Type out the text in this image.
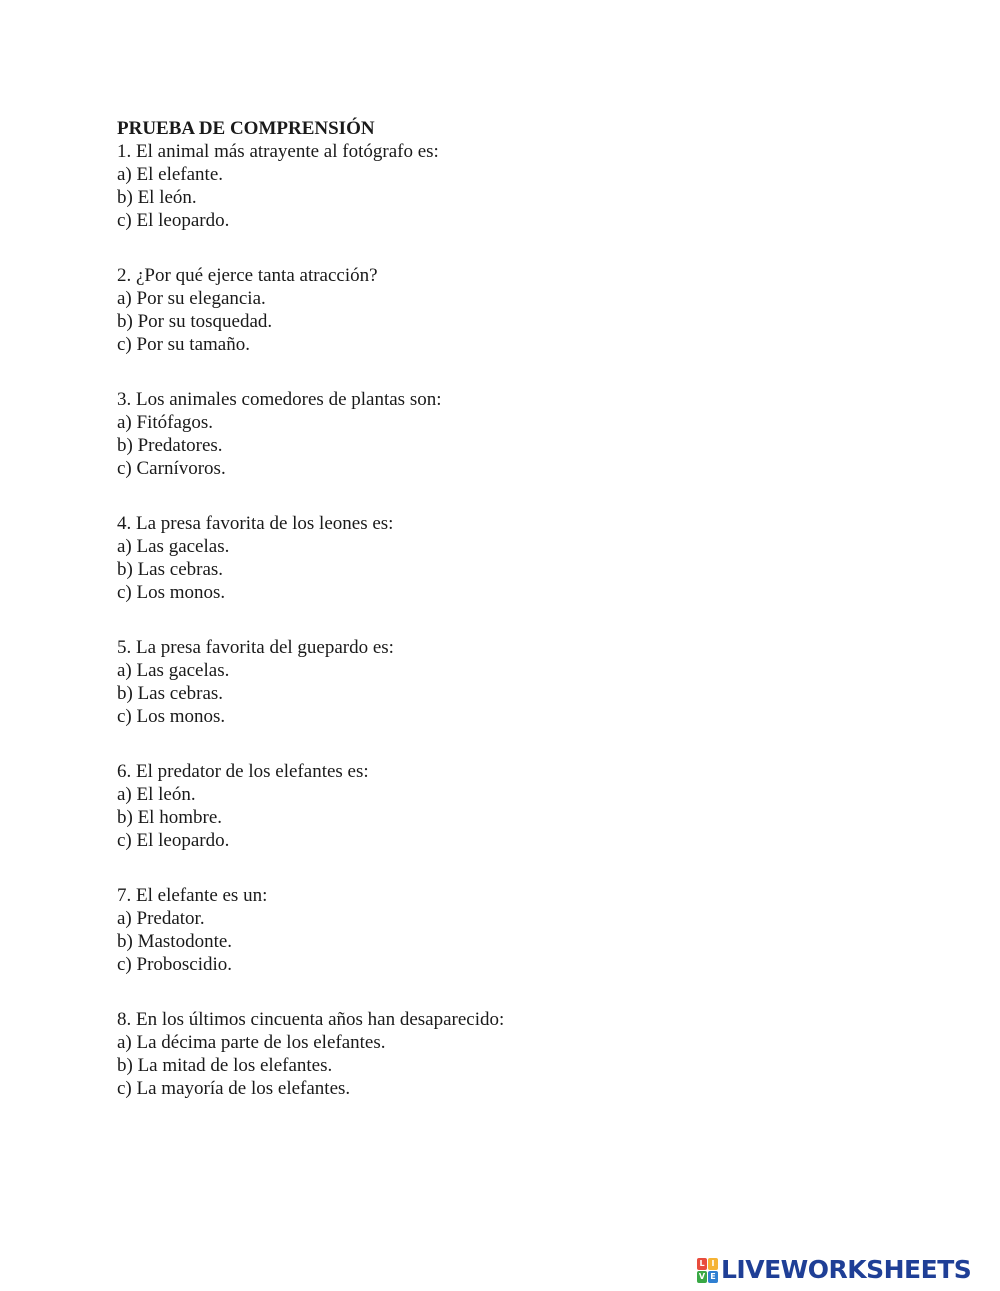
PRUEBA DE COMPRENSIÓN
1. El animal más atrayente al fotógrafo es:
a) El elefante.
b) El león.
c) El leopardo.
2. ¿Por qué ejerce tanta atracción?
a) Por su elegancia.
b) Por su tosquedad.
c) Por su tamaño.
3. Los animales comedores de plantas son:
a) Fitófagos.
b) Predatores.
c) Carnívoros.
4. La presa favorita de los leones es:
a) Las gacelas.
b) Las cebras.
c) Los monos.
5. La presa favorita del guepardo es:
a) Las gacelas.
b) Las cebras.
c) Los monos.
6. El predator de los elefantes es:
a) El león.
b) El hombre.
c) El leopardo.
7. El elefante es un:
a) Predator.
b) Mastodonte.
c) Proboscidio.
8. En los últimos cincuenta años han desaparecido:
a) La décima parte de los elefantes.
b) La mitad de los elefantes.
c) La mayoría de los elefantes.
L I
V E LIVEWORKSHEETS
